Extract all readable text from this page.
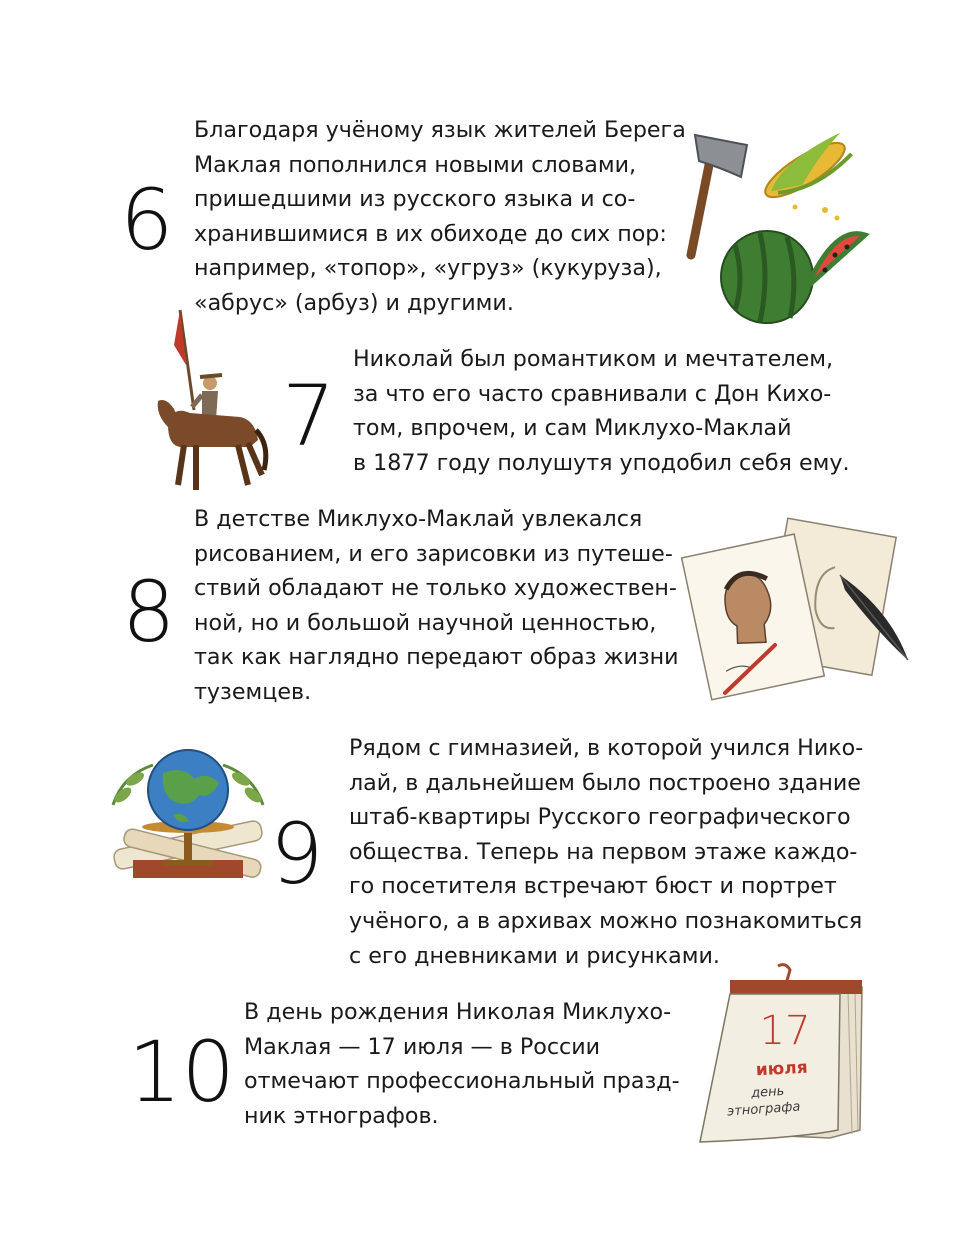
6
Благодаря учёному язык жителей Берега
Маклая пополнился новыми словами,
пришедшими из русского языка и со-
хранившимися в их обиходе до сих пор:
например, «топор», «угруз» (кукуруза),
«абрус» (арбуз) и другими.
7
Николай был романтиком и мечтателем,
за что его часто сравнивали с Дон Кихо-
том, впрочем, и сам Миклухо-Маклай
в 1877 году полушутя уподобил себя ему.
8
В детстве Миклухо-Маклай увлекался
рисованием, и его зарисовки из путеше-
ствий обладают не только художествен-
ной, но и большой научной ценностью,
так как наглядно передают образ жизни
туземцев.
9
Рядом с гимназией, в которой учился Нико-
лай, в дальнейшем было построено здание
штаб-квартиры Русского географического
общества. Теперь на первом этаже каждо-
го посетителя встречают бюст и портрет
учёного, а в архивах можно познакомиться
с его дневниками и рисунками.
10
В день рождения Николая Миклухо-
Маклая — 17 июля — в России
отмечают профессиональный празд-
ник этнографов.
17
июля
день
этнографа
